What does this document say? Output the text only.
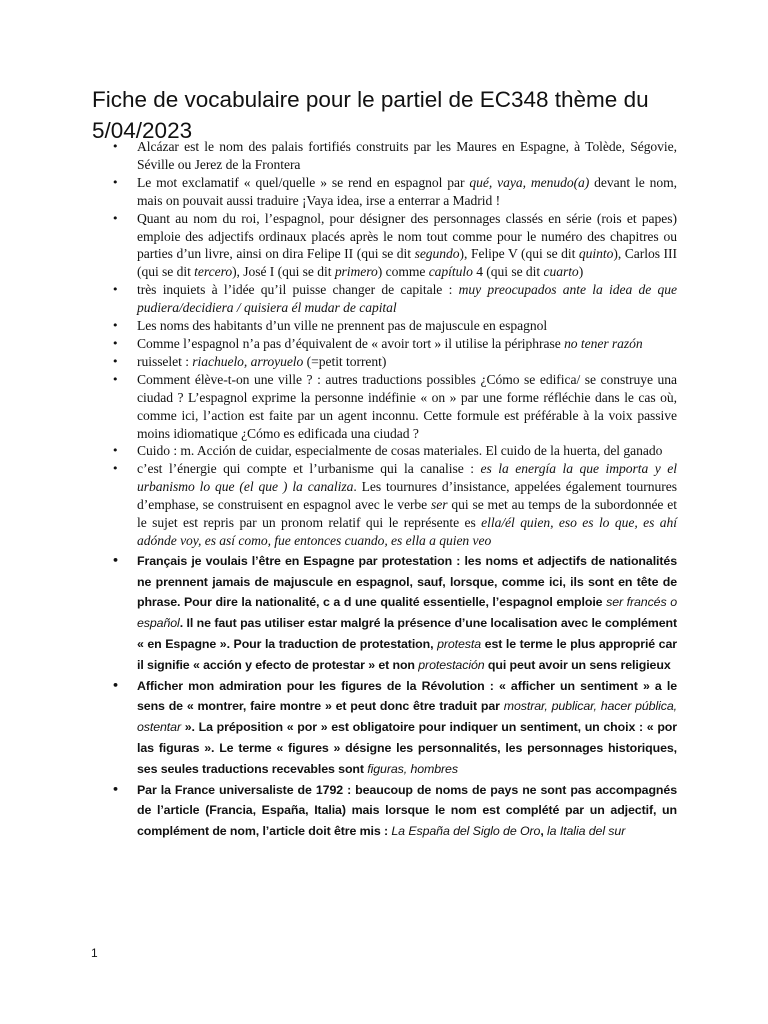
Fiche de vocabulaire pour le partiel de EC348 thème du 5/04/2023
• Alcázar est le nom des palais fortifiés construits par les Maures en Espagne, à Tolède, Ségovie, Séville ou Jerez de la Frontera
• Le mot exclamatif « quel/quelle » se rend en espagnol par qué, vaya, menudo(a) devant le nom, mais on pouvait aussi traduire ¡Vaya idea, irse a enterrar a Madrid !
• Quant au nom du roi, l’espagnol, pour désigner des personnages classés en série (rois et papes) emploie des adjectifs ordinaux placés après le nom tout comme pour le numéro des chapitres ou parties d’un livre, ainsi on dira Felipe II (qui se dit segundo), Felipe V (qui se dit quinto), Carlos III (qui se dit tercero), José I (qui se dit primero) comme capítulo 4 (qui se dit cuarto)
• très inquiets à l’idée qu’il puisse changer de capitale : muy preocupados ante la idea de que pudiera/decidiera / quisiera él mudar de capital
• Les noms des habitants d’un ville ne prennent pas de majuscule en espagnol
• Comme l’espagnol n’a pas d’équivalent de « avoir tort » il utilise la périphrase no tener razón
• ruisselet : riachuelo, arroyuelo (=petit torrent)
• Comment élève-t-on une ville ? : autres traductions possibles ¿Cómo se edifica/ se construye una ciudad ? L’espagnol exprime la personne indéfinie « on » par une forme réfléchie dans le cas où, comme ici, l’action est faite par un agent inconnu. Cette formule est préférable à la voix passive moins idiomatique ¿Cómo es edificada una ciudad ?
• Cuido : m. Acción de cuidar, especialmente de cosas materiales. El cuido de la huerta, del ganado
• c’est l’énergie qui compte et l’urbanisme qui la canalise : es la energía la que importa y el urbanismo lo que (el que ) la canaliza. Les tournures d’insistance, appelées également tournures d’emphase, se construisent en espagnol avec le verbe ser qui se met au temps de la subordonnée et le sujet est repris par un pronom relatif qui le représente es ella/él quien, eso es lo que, es ahí adónde voy, es así como, fue entonces cuando, es ella a quien veo
• Français je voulais l’être en Espagne par protestation : les noms et adjectifs de nationalités ne prennent jamais de majuscule en espagnol, sauf, lorsque, comme ici, ils sont en tête de phrase. Pour dire la nationalité, c a d une qualité essentielle, l’espagnol emploie ser francés o español. Il ne faut pas utiliser estar malgré la présence d’une localisation avec le complément « en Espagne ». Pour la traduction de protestation, protesta est le terme le plus approprié car il signifie « acción y efecto de protestar » et non protestación qui peut avoir un sens religieux
• Afficher mon admiration pour les figures de la Révolution : « afficher un sentiment » a le sens de « montrer, faire montre » et peut donc être traduit par mostrar, publicar, hacer pública, ostentar ». La préposition « por » est obligatoire pour indiquer un sentiment, un choix : « por las figuras ». Le terme « figures » désigne les personnalités, les personnages historiques, ses seules traductions recevables sont figuras, hombres
• Par la France universaliste de 1792 : beaucoup de noms de pays ne sont pas accompagnés de l’article (Francia, España, Italia) mais lorsque le nom est complété par un adjectif, un complément de nom, l’article doit être mis : La España del Siglo de Oro, la Italia del sur
1
